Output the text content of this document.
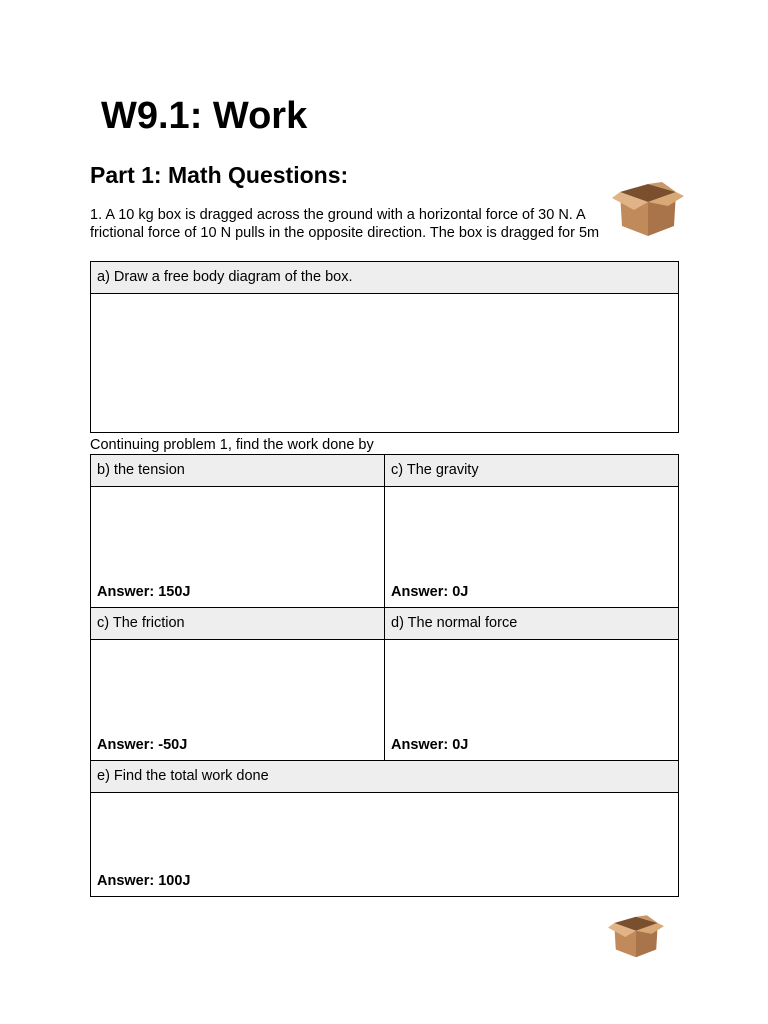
W9.1: Work
Part 1: Math Questions:

1. A 10 kg box is dragged across the ground with a horizontal force of 30 N. A frictional force of 10 N pulls in the opposite direction. The box is dragged for 5m

a) Draw a free body diagram of the box.
Continuing problem 1, find the work done by
b) the tension	c) The gravity
Answer: 150J	Answer: 0J
c) The friction	d) The normal force
Answer: -50J	Answer: 0J
e) Find the total work done
Answer: 100J
